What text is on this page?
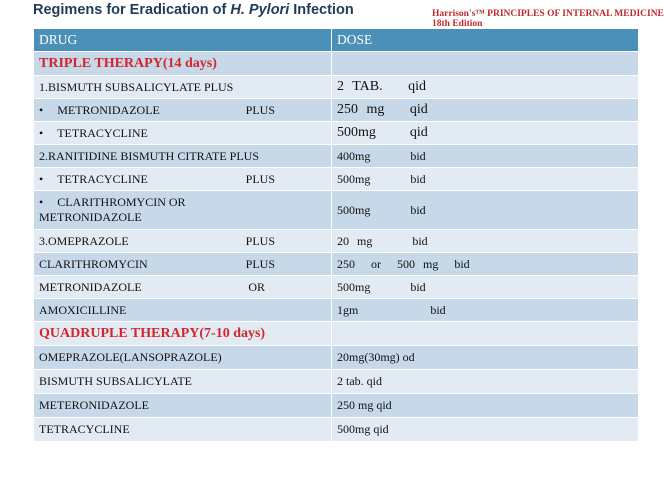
Regimens for Eradication of H. Pylori Infection	Harrison's™ PRINCIPLES OF INTERNAL MEDICINE
18th Edition
DRUG	DOSE
TRIPLE THERAPY(14 days)	
1.BISMUTH SUBSALICYLATE PLUS	2 TAB.   qid

• METRONIDAZOLE PLUS	250 mg   qid
• TETRACYCLINE	500mg    qid
2.RANITIDINE BISMUTH CITRATE PLUS	400mg     bid

• TETRACYCLINE PLUS	500mg     bid

• CLARITHROMYCIN OR
METRONIDAZOLE	500mg     bid

3.OMEPRAZOLE PLUS	20 mg     bid

CLARITHROMYCIN PLUS	250  or  500 mg  bid

METRONIDAZOLE OR	500mg     bid
AMOXICILLINE	1gm         bid
QUADRUPLE THERAPY(7-10 days)	
OMEPRAZOLE(LANSOPRAZOLE)	20mg(30mg) od
BISMUTH SUBSALICYLATE	2 tab. qid
METERONIDAZOLE	250 mg qid
TETRACYCLINE	500mg qid
